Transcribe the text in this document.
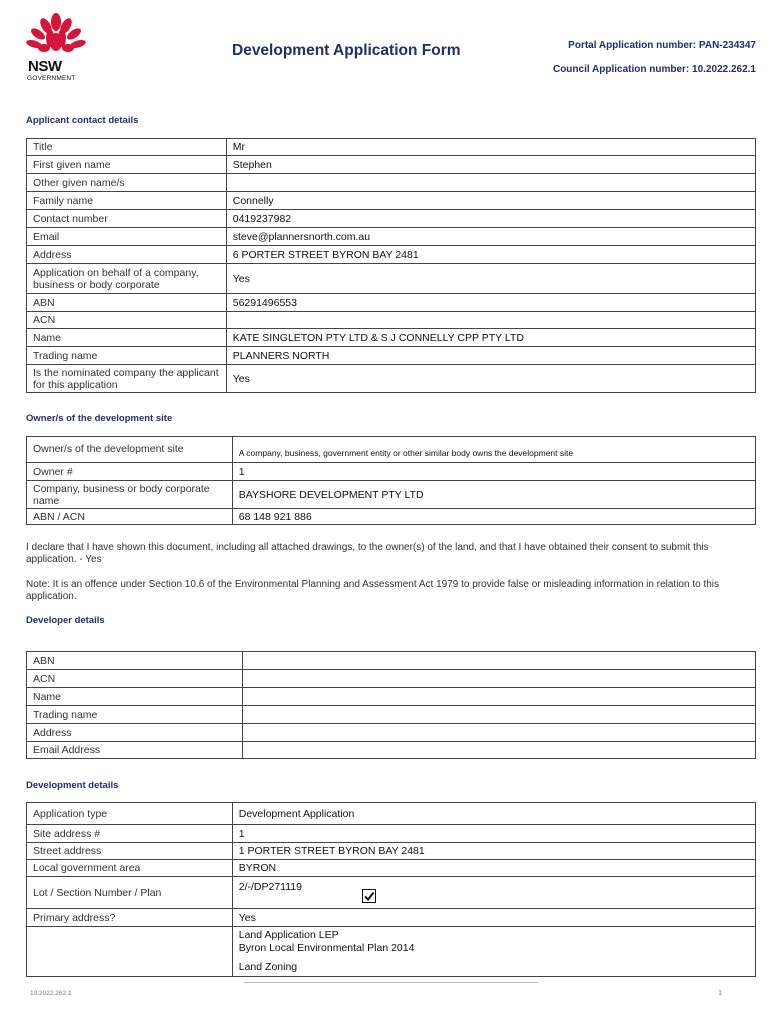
NSW
GOVERNMENT
Development Application Form	Portal Application number: PAN-234347
Council Application number: 10.2022.262.1
Applicant contact details
Title	Mr
First given name	Stephen
Other given name/s	
Family name	Connelly
Contact number	0419237982
Email	steve@plannersnorth.com.au
Address	6 PORTER STREET BYRON BAY 2481
Application on behalf of a company, business or body corporate	Yes
ABN	56291496553
ACN	
Name	KATE SINGLETON PTY LTD & S J CONNELLY CPP PTY LTD
Trading name	PLANNERS NORTH
Is the nominated company the applicant for this application	Yes
Owner/s of the development site
Owner/s of the development site	A company, business, government entity or other similar body owns the development site
Owner #	1
Company, business or body corporate name	BAYSHORE DEVELOPMENT PTY LTD
ABN / ACN	68 148 921 886
I declare that I have shown this document, including all attached drawings, to the owner(s) of the land, and that I have obtained their consent to submit this application. - Yes
Note: It is an offence under Section 10.6 of the Environmental Planning and Assessment Act 1979 to provide false or misleading information in relation to this application.
Developer details
ABN	
ACN	
Name	
Trading name	
Address	
Email Address	
Development details
Application type	Development Application
Site address #	1
Street address	1 PORTER STREET BYRON BAY 2481
Local government area	BYRON
Lot / Section Number / Plan	2/-/DP271119
Primary address?	Yes

	Land Application LEP
Byron Local Environmental Plan 2014
Land Zoning
10.2022.262.1	1
